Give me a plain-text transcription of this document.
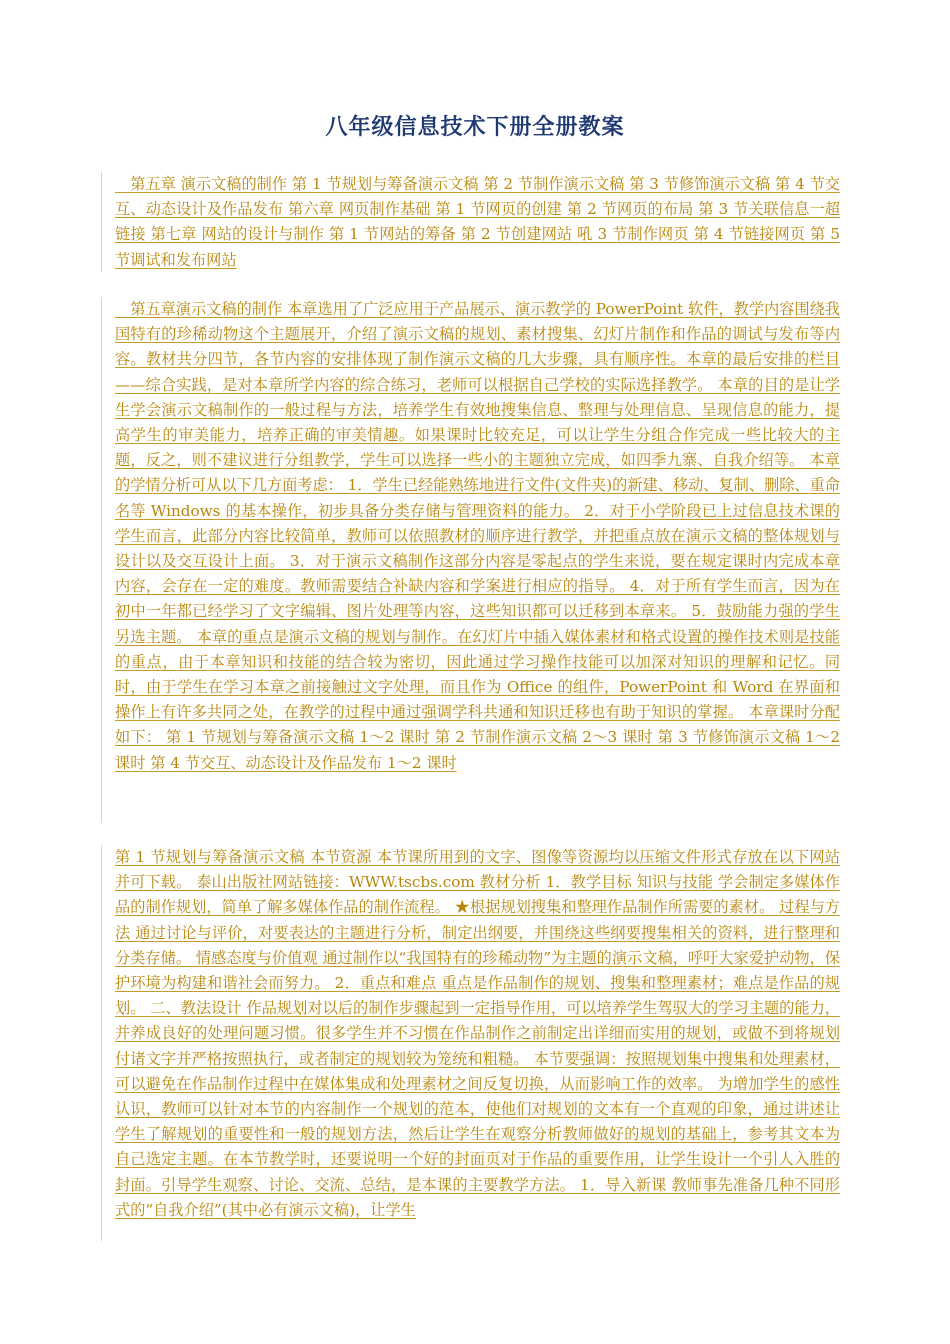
八年级信息技术下册全册教案

　第五章 演示文稿的制作 第 1 节规划与筹备演示文稿 第 2 节制作演示文稿 第 3 节修饰演示文稿 第 4 节交互、动态设计及作品发布 第六章 网页制作基础 第 1 节网页的创建 第 2 节网页的布局 第 3 节关联信息一超链接 第七章 网站的设计与制作 第 1 节网站的筹备 第 2 节创建网站 吼 3 节制作网页 第 4 节链接网页 第 5 节调试和发布网站

　第五章演示文稿的制作 本章选用了广泛应用于产品展示、演示教学的 PowerPoint 软件，教学内容围绕我国特有的珍稀动物这个主题展开，介绍了演示文稿的规划、素材搜集、幻灯片制作和作品的调试与发布等内容。教材共分四节，各节内容的安排体现了制作演示文稿的几大步骤，具有顺序性。本章的最后安排的栏目——综合实践，是对本章所学内容的综合练习，老师可以根据自己学校的实际选择教学。 本章的目的是让学生学会演示文稿制作的一般过程与方法，培养学生有效地搜集信息、整理与处理信息、呈现信息的能力，提高学生的审美能力，培养正确的审美情趣。如果课时比较充足，可以让学生分组合作完成一些比较大的主题，反之，则不建议进行分组教学，学生可以选择一些小的主题独立完成，如四季九寨、自我介绍等。 本章的学情分析可从以下几方面考虑： 1．学生已经能熟练地进行文件(文件夹)的新建、移动、复制、删除、重命名等 Windows 的基本操作，初步具备分类存储与管理资料的能力。 2．对于小学阶段已上过信息技术课的学生而言，此部分内容比较简单，教师可以依照教材的顺序进行教学，并把重点放在演示文稿的整体规划与设计以及交互设计上面。 3．对于演示文稿制作这部分内容是零起点的学生来说，要在规定课时内完成本章内容，会存在一定的难度。教师需要结合补缺内容和学案进行相应的指导。 4．对于所有学生而言，因为在初中一年都已经学习了文字编辑、图片处理等内容，这些知识都可以迁移到本章来。 5．鼓励能力强的学生另选主题。 本章的重点是演示文稿的规划与制作。在幻灯片中插入媒体素材和格式设置的操作技术则是技能的重点，由于本章知识和技能的结合较为密切，因此通过学习操作技能可以加深对知识的理解和记忆。同时，由于学生在学习本章之前接触过文字处理，而且作为 Office 的组件，PowerPoint 和 Word 在界面和操作上有许多共同之处，在教学的过程中通过强调学科共通和知识迁移也有助于知识的掌握。 本章课时分配如下： 第 1 节规划与筹备演示文稿 1～2 课时 第 2 节制作演示文稿 2～3 课时 第 3 节修饰演示文稿 1～2 课时 第 4 节交互、动态设计及作品发布 1～2 课时

第 1 节规划与筹备演示文稿 本节资源 本节课所用到的文字、图像等资源均以压缩文件形式存放在以下网站并可下载。 泰山出版社网站链接：WWW.tscbs.com 教材分析 1．教学目标 知识与技能 学会制定多媒体作品的制作规划，简单了解多媒体作品的制作流程。 ★根据规划搜集和整理作品制作所需要的素材。 过程与方法 通过讨论与评价，对要表达的主题进行分析，制定出纲要，并围绕这些纲要搜集相关的资料，进行整理和分类存储。 情感态度与价值观 通过制作以“我国特有的珍稀动物”为主题的演示文稿，呼吁大家爱护动物，保护环境为构建和谐社会而努力。 2．重点和难点 重点是作品制作的规划、搜集和整理素材；难点是作品的规划。 二、教法设计 作品规划对以后的制作步骤起到一定指导作用，可以培养学生驾驭大的学习主题的能力，并养成良好的处理问题习惯。很多学生并不习惯在作品制作之前制定出详细而实用的规划，或做不到将规划付诸文字并严格按照执行，或者制定的规划较为笼统和粗糙。 本节要强调：按照规划集中搜集和处理素材，可以避免在作品制作过程中在媒体集成和处理素材之间反复切换，从而影响工作的效率。 为增加学生的感性认识，教师可以针对本节的内容制作一个规划的范本，使他们对规划的文本有一个直观的印象，通过讲述让学生了解规划的重要性和一般的规划方法，然后让学生在观察分析教师做好的规划的基础上，参考其文本为自己选定主题。在本节教学时，还要说明一个好的封面页对于作品的重要作用，让学生设计一个引人入胜的封面。引导学生观察、讨论、交流、总结，是本课的主要教学方法。 1．导入新课 教师事先准备几种不同形式的“自我介绍”(其中必有演示文稿)，让学生
